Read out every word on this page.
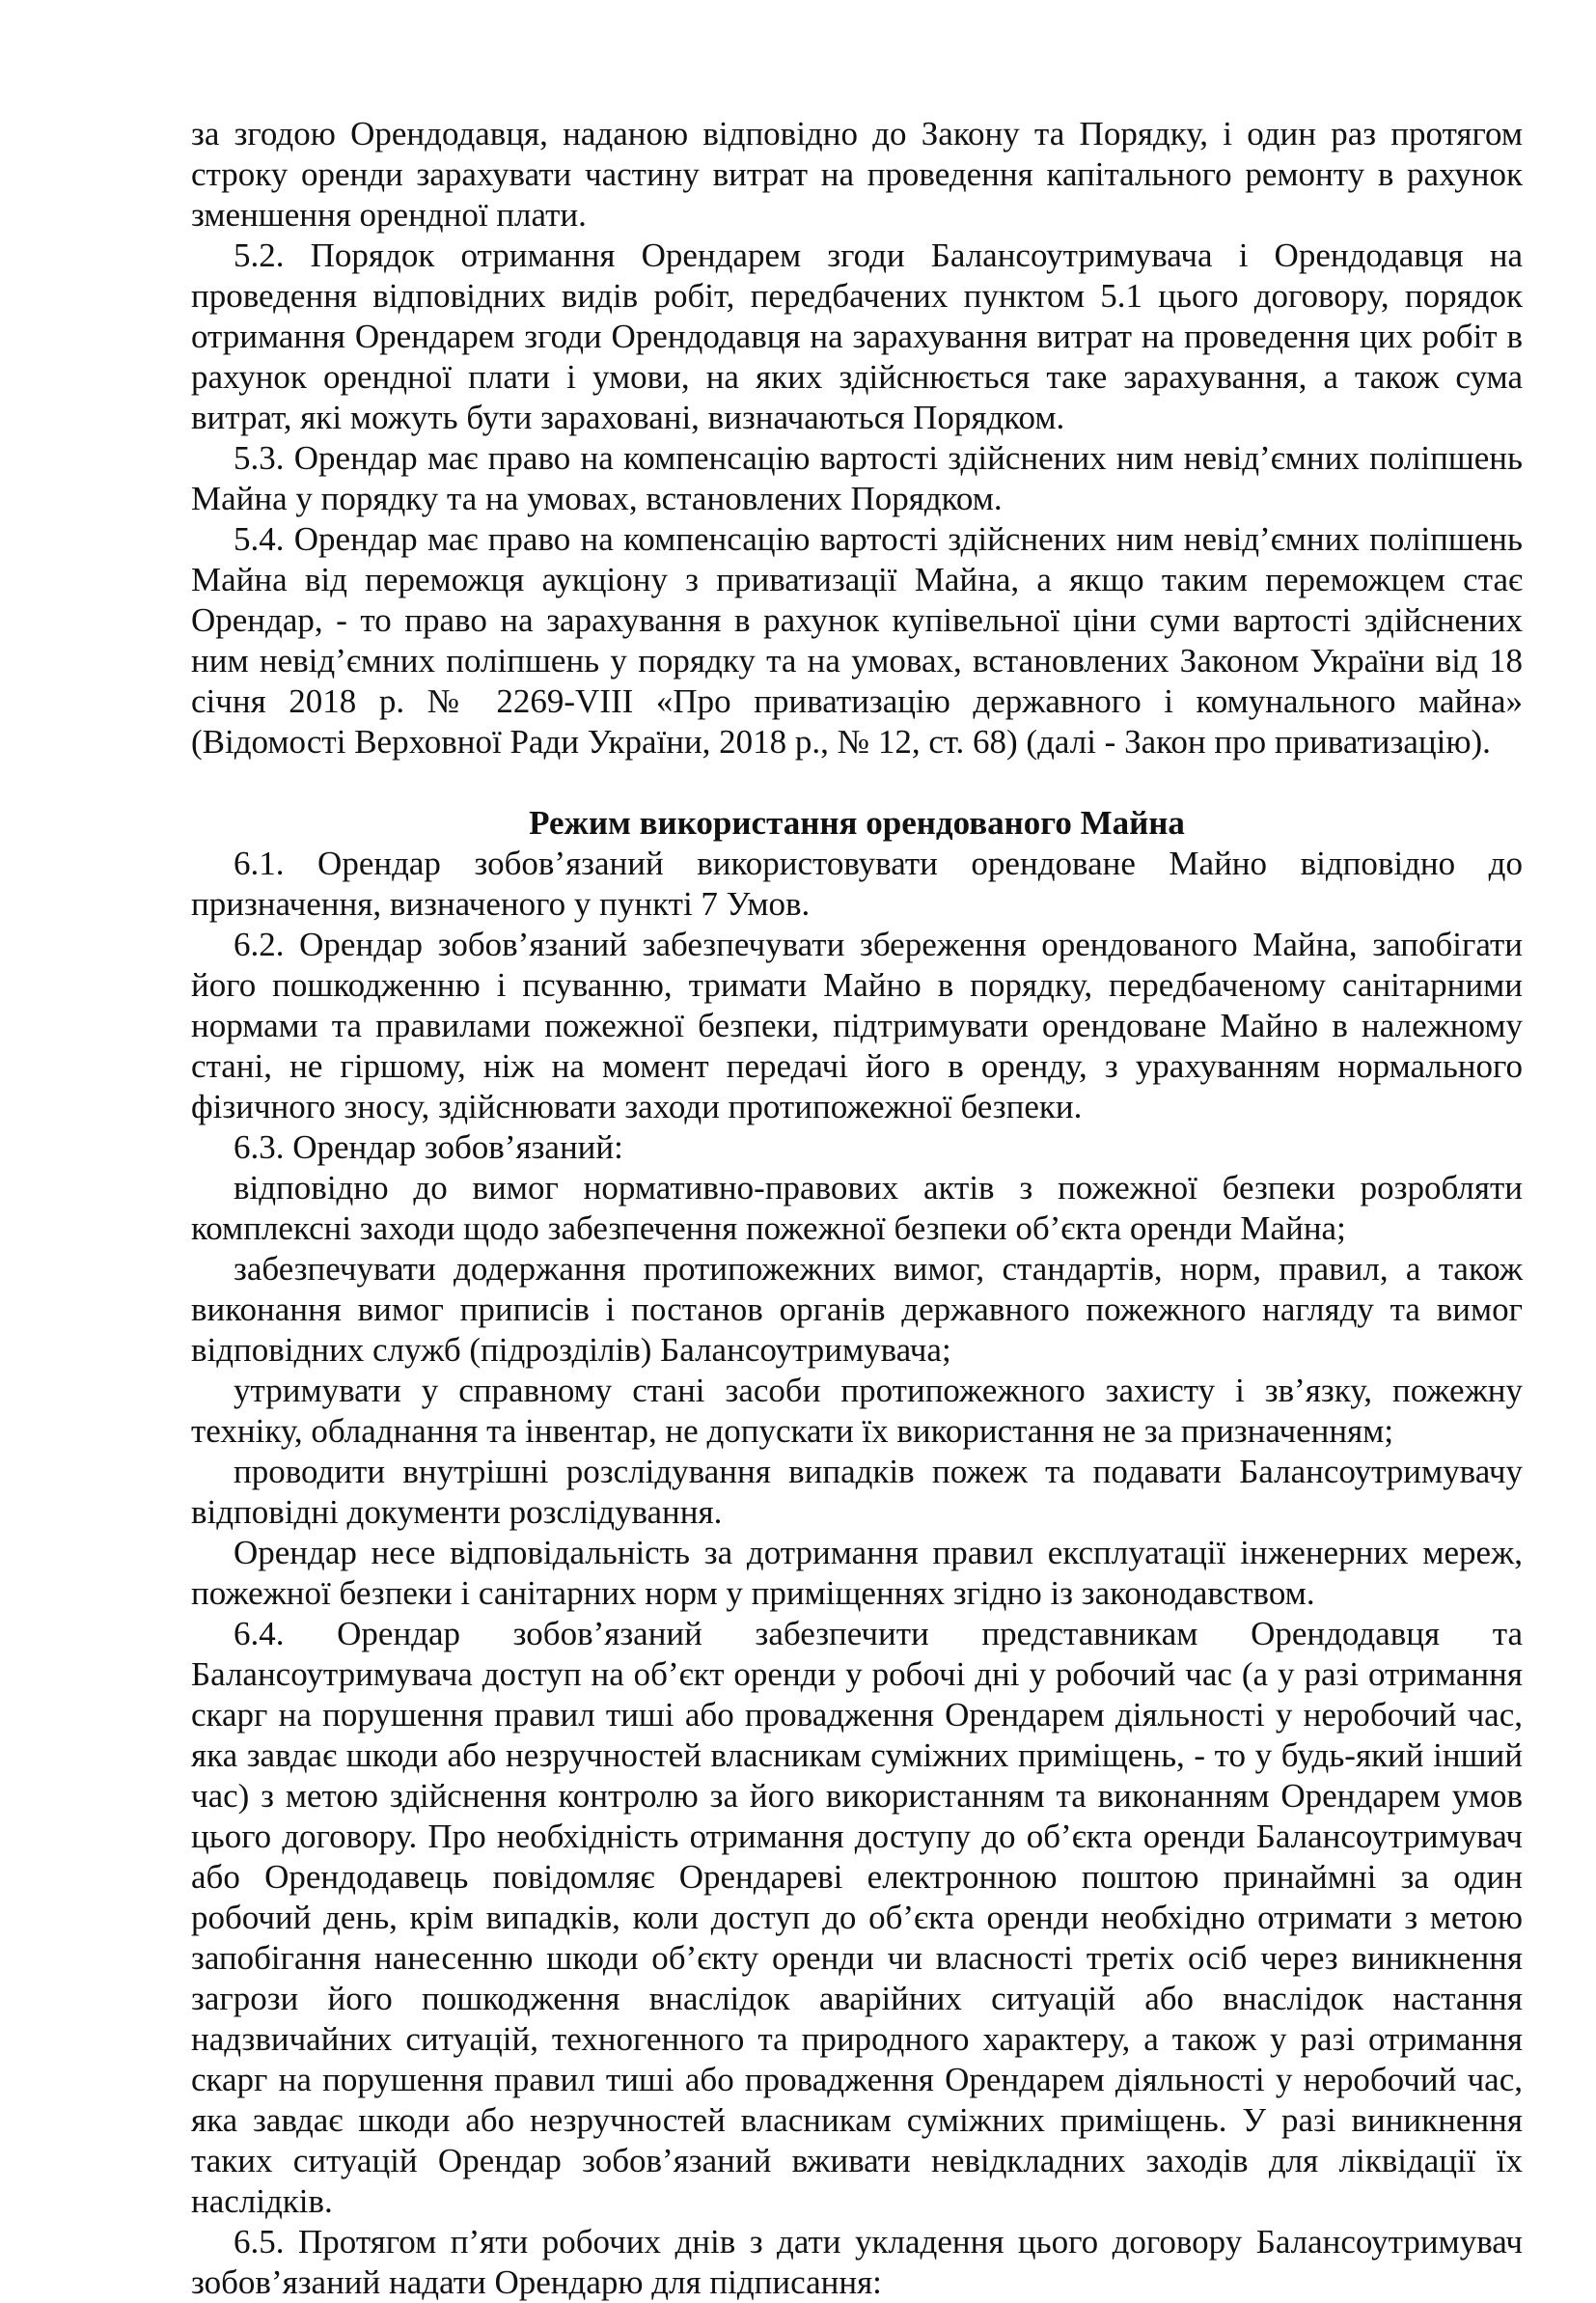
за згодою Орендодавця, наданою відповідно до Закону та Порядку, і один раз протягом строку оренди зарахувати частину витрат на проведення капітального ремонту в рахунок зменшення орендної плати.

5.2. Порядок отримання Орендарем згоди Балансоутримувача і Орендодавця на проведення відповідних видів робіт, передбачених пунктом 5.1 цього договору, порядок отримання Орендарем згоди Орендодавця на зарахування витрат на проведення цих робіт в рахунок орендної плати і умови, на яких здійснюється таке зарахування, а також сума витрат, які можуть бути зараховані, визначаються Порядком.

5.3. Орендар має право на компенсацію вартості здійснених ним невід’ємних поліпшень Майна у порядку та на умовах, встановлених Порядком.

5.4. Орендар має право на компенсацію вартості здійснених ним невід’ємних поліпшень Майна від переможця аукціону з приватизації Майна, а якщо таким переможцем стає Орендар, - то право на зарахування в рахунок купівельної ціни суми вартості здійснених ним невід’ємних поліпшень у порядку та на умовах, встановлених Законом України від 18 січня 2018 р. № 2269-VIII «Про приватизацію державного і комунального майна» (Відомості Верховної Ради України, 2018 р., № 12, ст. 68) (далі - Закон про приватизацію).

Режим використання орендованого Майна

6.1. Орендар зобов’язаний використовувати орендоване Майно відповідно до призначення, визначеного у пункті 7 Умов.

6.2. Орендар зобов’язаний забезпечувати збереження орендованого Майна, запобігати його пошкодженню і псуванню, тримати Майно в порядку, передбаченому санітарними нормами та правилами пожежної безпеки, підтримувати орендоване Майно в належному стані, не гіршому, ніж на момент передачі його в оренду, з урахуванням нормального фізичного зносу, здійснювати заходи протипожежної безпеки.

6.3. Орендар зобов’язаний:

відповідно до вимог нормативно-правових актів з пожежної безпеки розробляти комплексні заходи щодо забезпечення пожежної безпеки об’єкта оренди Майна;

забезпечувати додержання протипожежних вимог, стандартів, норм, правил, а також виконання вимог приписів і постанов органів державного пожежного нагляду та вимог відповідних служб (підрозділів) Балансоутримувача;

утримувати у справному стані засоби протипожежного захисту і зв’язку, пожежну техніку, обладнання та інвентар, не допускати їх використання не за призначенням;

проводити внутрішні розслідування випадків пожеж та подавати Балансоутримувачу відповідні документи розслідування.

Орендар несе відповідальність за дотримання правил експлуатації інженерних мереж, пожежної безпеки і санітарних норм у приміщеннях згідно із законодавством.

6.4. Орендар зобов’язаний забезпечити представникам Орендодавця та Балансоутримувача доступ на об’єкт оренди у робочі дні у робочий час (а у разі отримання скарг на порушення правил тиші або провадження Орендарем діяльності у неробочий час, яка завдає шкоди або незручностей власникам суміжних приміщень, - то у будь-який інший час) з метою здійснення контролю за його використанням та виконанням Орендарем умов цього договору. Про необхідність отримання доступу до об’єкта оренди Балансоутримувач або Орендодавець повідомляє Орендареві електронною поштою принаймні за один робочий день, крім випадків, коли доступ до об’єкта оренди необхідно отримати з метою запобігання нанесенню шкоди об’єкту оренди чи власності третіх осіб через виникнення загрози його пошкодження внаслідок аварійних ситуацій або внаслідок настання надзвичайних ситуацій, техногенного та природного характеру, а також у разі отримання скарг на порушення правил тиші або провадження Орендарем діяльності у неробочий час, яка завдає шкоди або незручностей власникам суміжних приміщень. У разі виникнення таких ситуацій Орендар зобов’язаний вживати невідкладних заходів для ліквідації їх наслідків.

6.5. Протягом п’яти робочих днів з дати укладення цього договору Балансоутримувач зобов’язаний надати Орендарю для підписання:
